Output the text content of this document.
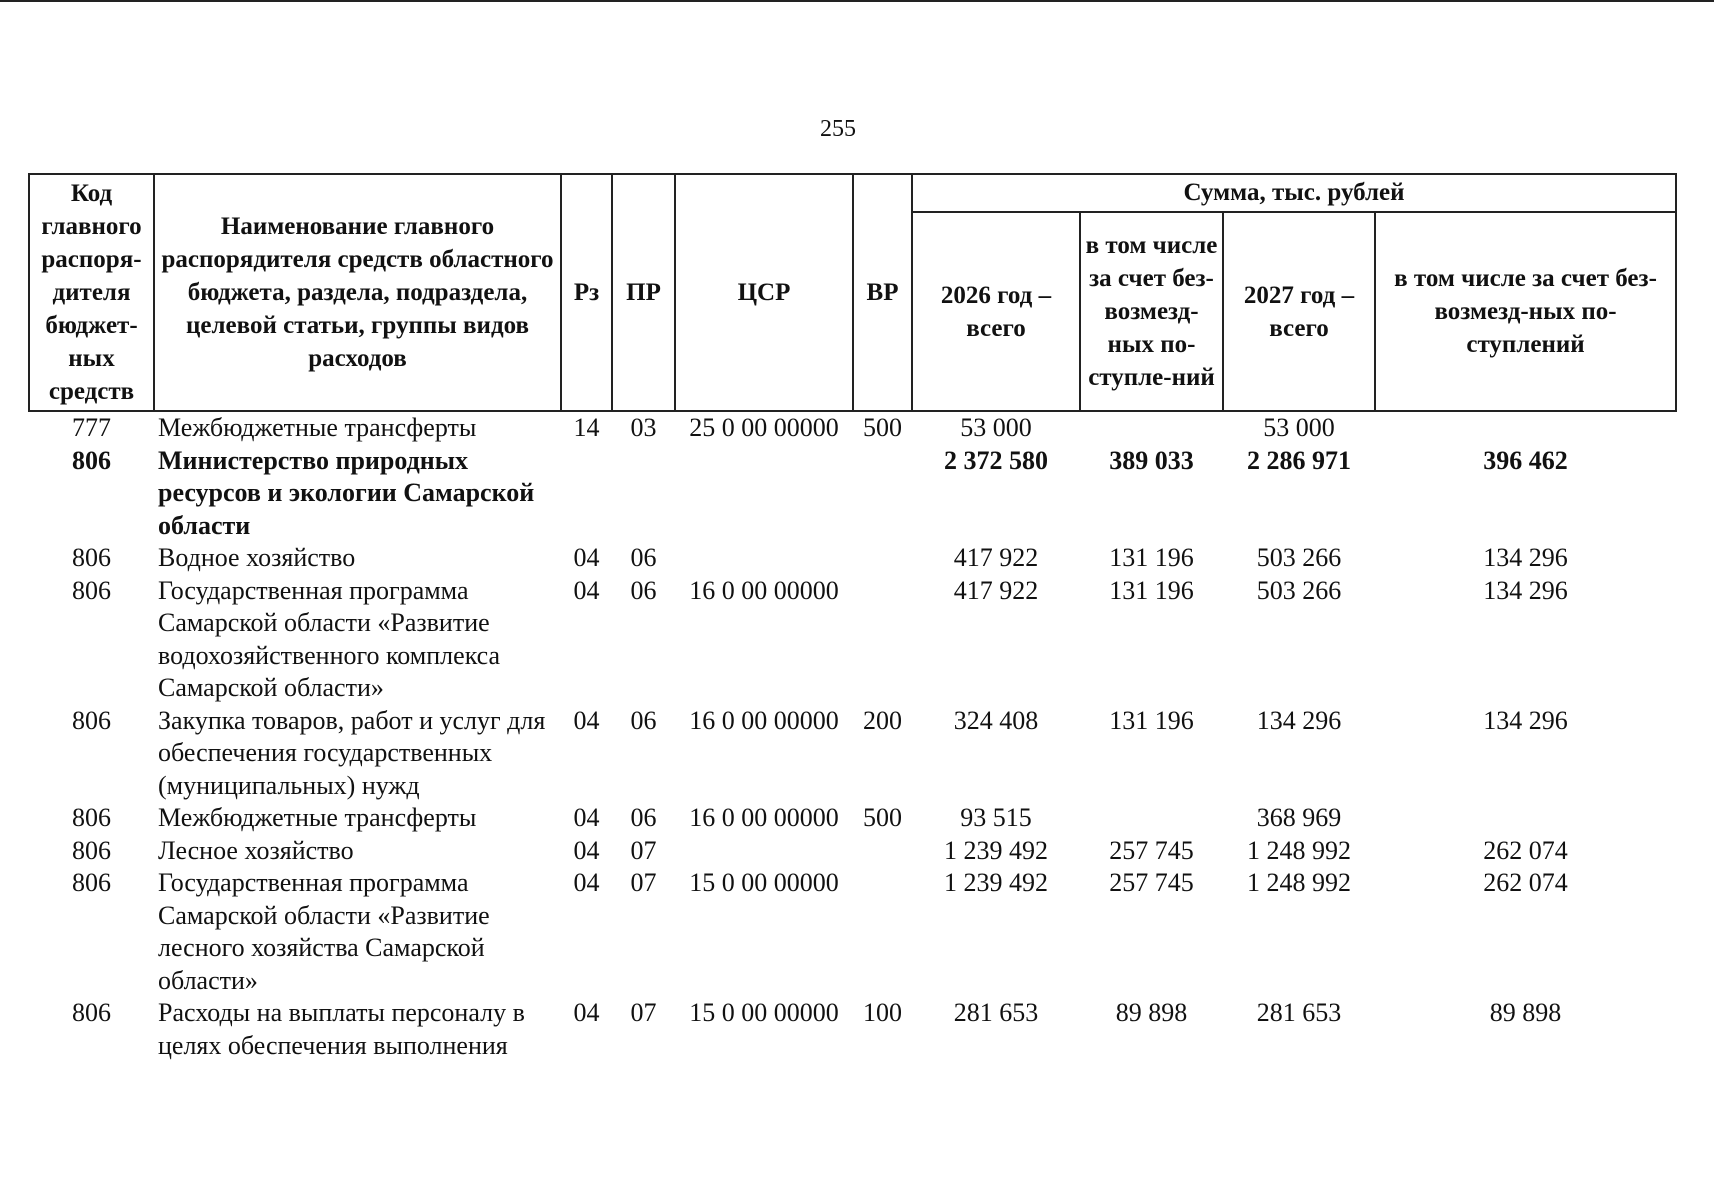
255
Код главного распоря-дителя бюджет-ных средств	Наименование главного распорядителя средств областного бюджета, раздела, подраздела, целевой статьи, группы видов расходов	Рз	ПР	ЦСР	ВР	Сумма, тыс. рублей			
						2026 год – всего	в том числе за счет без-возмезд-ных по-ступле-ний	2027 год – всего	в том числе за счет без-возмезд-ных по-ступлений
777	Межбюджетные трансферты	14	03	25 0 00 00000	500	53 000		53 000	
806	Министерство природных ресурсов и экологии Самарской области					2 372 580	389 033	2 286 971	396 462
806	Водное хозяйство	04	06			417 922	131 196	503 266	134 296
806	Государственная программа Самарской области «Развитие водохозяйственного комплекса Самарской области»	04	06	16 0 00 00000		417 922	131 196	503 266	134 296
806	Закупка товаров, работ и услуг для обеспечения государственных (муниципальных) нужд	04	06	16 0 00 00000	200	324 408	131 196	134 296	134 296
806	Межбюджетные трансферты	04	06	16 0 00 00000	500	93 515		368 969	
806	Лесное хозяйство	04	07			1 239 492	257 745	1 248 992	262 074
806	Государственная программа Самарской области «Развитие лесного хозяйства Самарской области»	04	07	15 0 00 00000		1 239 492	257 745	1 248 992	262 074
806	Расходы на выплаты персоналу в целях обеспечения выполнения	04	07	15 0 00 00000	100	281 653	89 898	281 653	89 898
